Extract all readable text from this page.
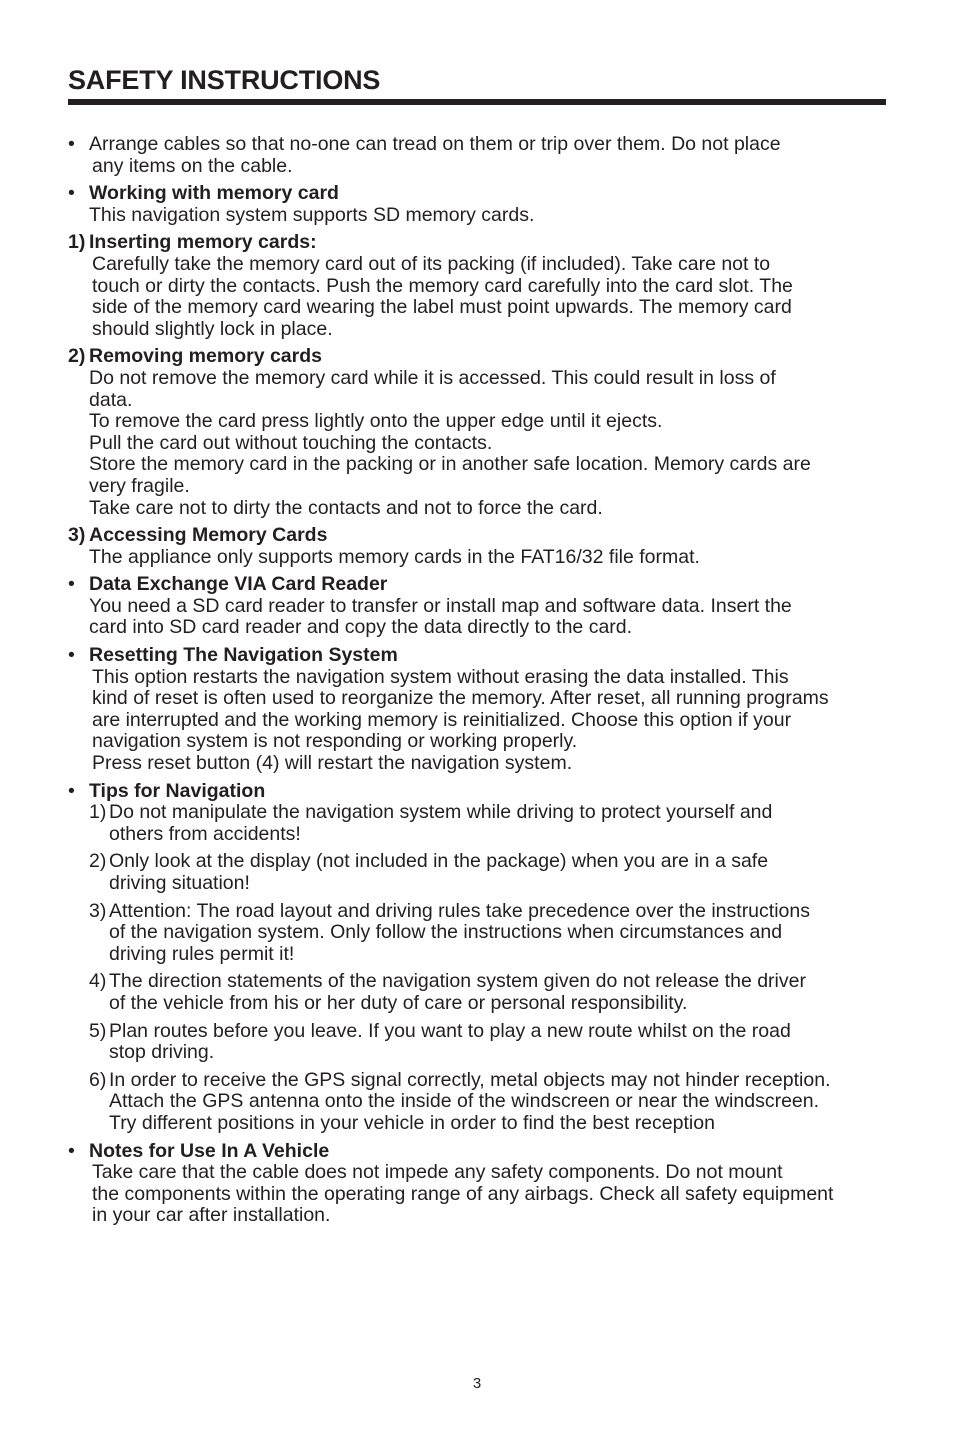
SAFETY INSTRUCTIONS
• Arrange cables so that no-one can tread on them or trip over them. Do not place
any items on the cable.
• Working with memory card
This navigation system supports SD memory cards.
1) Inserting memory cards:
Carefully take the memory card out of its packing (if included). Take care not to
touch or dirty the contacts. Push the memory card carefully into the card slot. The
side of the memory card wearing the label must point upwards. The memory card
should slightly lock in place.
2) Removing memory cards
Do not remove the memory card while it is accessed. This could result in loss of
data.
To remove the card press lightly onto the upper edge until it ejects.
Pull the card out without touching the contacts.
Store the memory card in the packing or in another safe location. Memory cards are
very fragile.
Take care not to dirty the contacts and not to force the card.
3) Accessing Memory Cards
The appliance only supports memory cards in the FAT16/32 file format.
• Data Exchange VIA Card Reader
You need a SD card reader to transfer or install map and software data. Insert the
card into SD card reader and copy the data directly to the card.
• Resetting The Navigation System
This option restarts the navigation system without erasing the data installed. This
kind of reset is often used to reorganize the memory. After reset, all running programs
are interrupted and the working memory is reinitialized. Choose this option if your
navigation system is not responding or working properly.
Press reset button (4) will restart the navigation system.
• Tips for Navigation
1) Do not manipulate the navigation system while driving to protect yourself and
others from accidents!
2) Only look at the display (not included in the package) when you are in a safe
driving situation!
3) Attention: The road layout and driving rules take precedence over the instructions
of the navigation system. Only follow the instructions when circumstances and
driving rules permit it!
4) The direction statements of the navigation system given do not release the driver
of the vehicle from his or her duty of care or personal responsibility.
5) Plan routes before you leave. If you want to play a new route whilst on the road
stop driving.
6) In order to receive the GPS signal correctly, metal objects may not hinder reception.
Attach the GPS antenna onto the inside of the windscreen or near the windscreen.
Try different positions in your vehicle in order to find the best reception
• Notes for Use In A Vehicle
Take care that the cable does not impede any safety components. Do not mount
the components within the operating range of any airbags. Check all safety equipment
in your car after installation.
3
